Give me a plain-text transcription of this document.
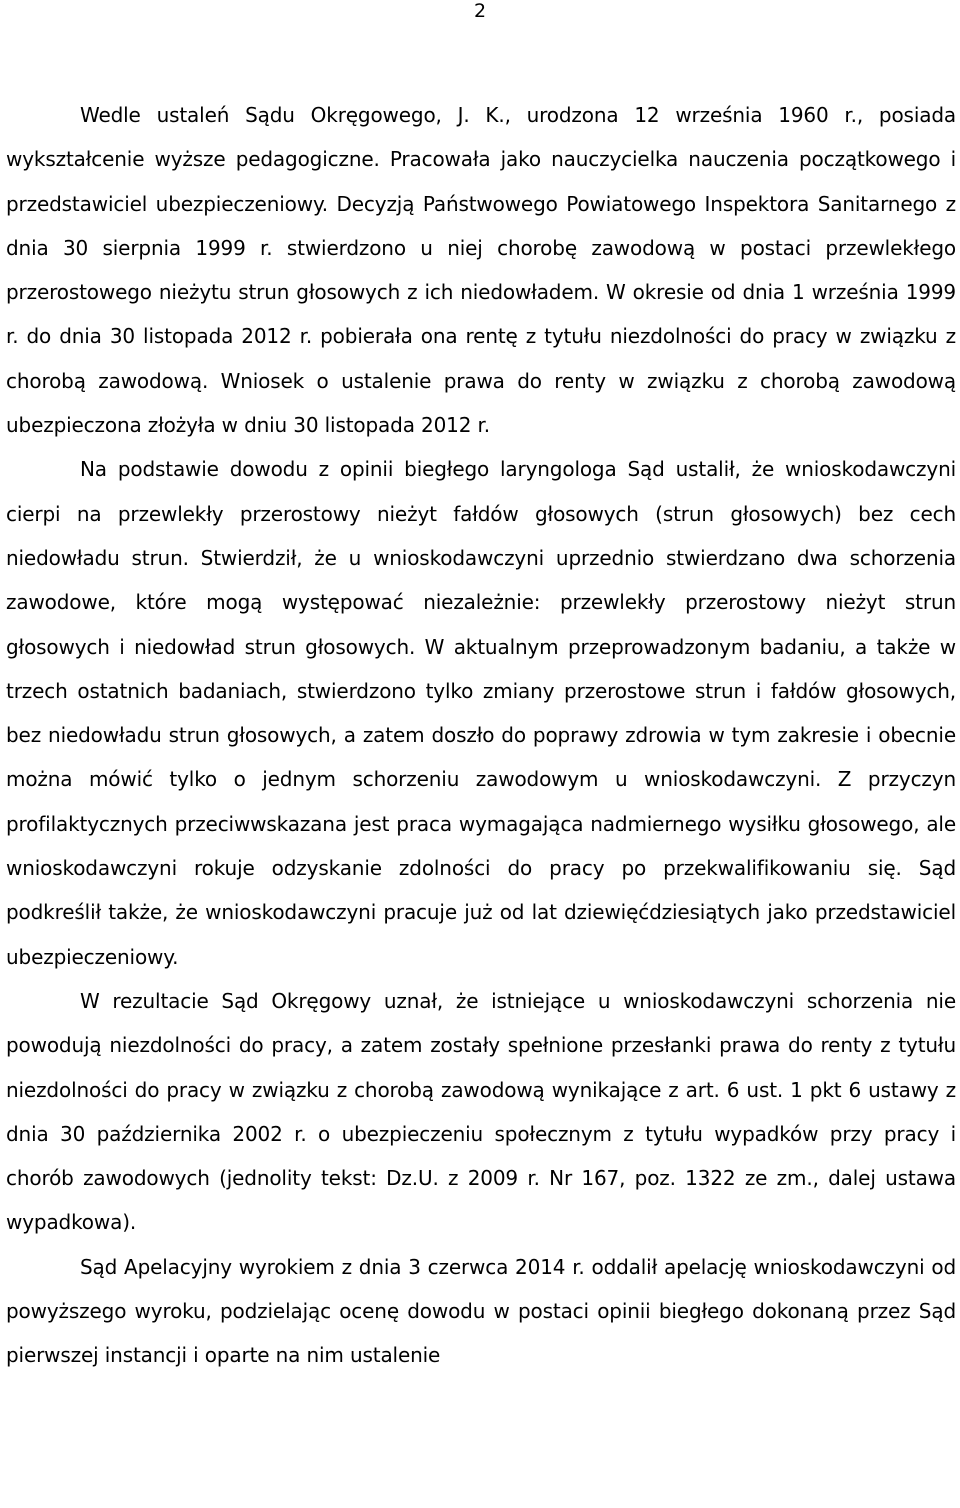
2

Wedle ustaleń Sądu Okręgowego, J. K., urodzona 12 września 1960 r., posiada wykształcenie wyższe pedagogiczne. Pracowała jako nauczycielka nauczenia początkowego i przedstawiciel ubezpieczeniowy. Decyzją Państwowego Powiatowego Inspektora Sanitarnego z dnia 30 sierpnia 1999 r. stwierdzono u niej chorobę zawodową w postaci przewlekłego przerostowego nieżytu strun głosowych z ich niedowładem. W okresie od dnia 1 września 1999 r. do dnia 30 listopada 2012 r. pobierała ona rentę z tytułu niezdolności do pracy w związku z chorobą zawodową. Wniosek o ustalenie prawa do renty w związku z chorobą zawodową ubezpieczona złożyła w dniu 30 listopada 2012 r.

Na podstawie dowodu z opinii biegłego laryngologa Sąd ustalił, że wnioskodawczyni cierpi na przewlekły przerostowy nieżyt fałdów głosowych (strun głosowych) bez cech niedowładu strun. Stwierdził, że u wnioskodawczyni uprzednio stwierdzano dwa schorzenia zawodowe, które mogą występować niezależnie: przewlekły przerostowy nieżyt strun głosowych i niedowład strun głosowych. W aktualnym przeprowadzonym badaniu, a także w trzech ostatnich badaniach, stwierdzono tylko zmiany przerostowe strun i fałdów głosowych, bez niedowładu strun głosowych, a zatem doszło do poprawy zdrowia w tym zakresie i obecnie można mówić tylko o jednym schorzeniu zawodowym u wnioskodawczyni. Z przyczyn profilaktycznych przeciwwskazana jest praca wymagająca nadmiernego wysiłku głosowego, ale wnioskodawczyni rokuje odzyskanie zdolności do pracy po przekwalifikowaniu się. Sąd podkreślił także, że wnioskodawczyni pracuje już od lat dziewięćdziesiątych jako przedstawiciel ubezpieczeniowy.

W rezultacie Sąd Okręgowy uznał, że istniejące u wnioskodawczyni schorzenia nie powodują niezdolności do pracy, a zatem zostały spełnione przesłanki prawa do renty z tytułu niezdolności do pracy w związku z chorobą zawodową wynikające z art. 6 ust. 1 pkt 6 ustawy z dnia 30 października 2002 r. o ubezpieczeniu społecznym z tytułu wypadków przy pracy i chorób zawodowych (jednolity tekst: Dz.U. z 2009 r. Nr 167, poz. 1322 ze zm., dalej ustawa wypadkowa).

Sąd Apelacyjny wyrokiem z dnia 3 czerwca 2014 r. oddalił apelację wnioskodawczyni od powyższego wyroku, podzielając ocenę dowodu w postaci opinii biegłego dokonaną przez Sąd pierwszej instancji i oparte na nim ustalenie
